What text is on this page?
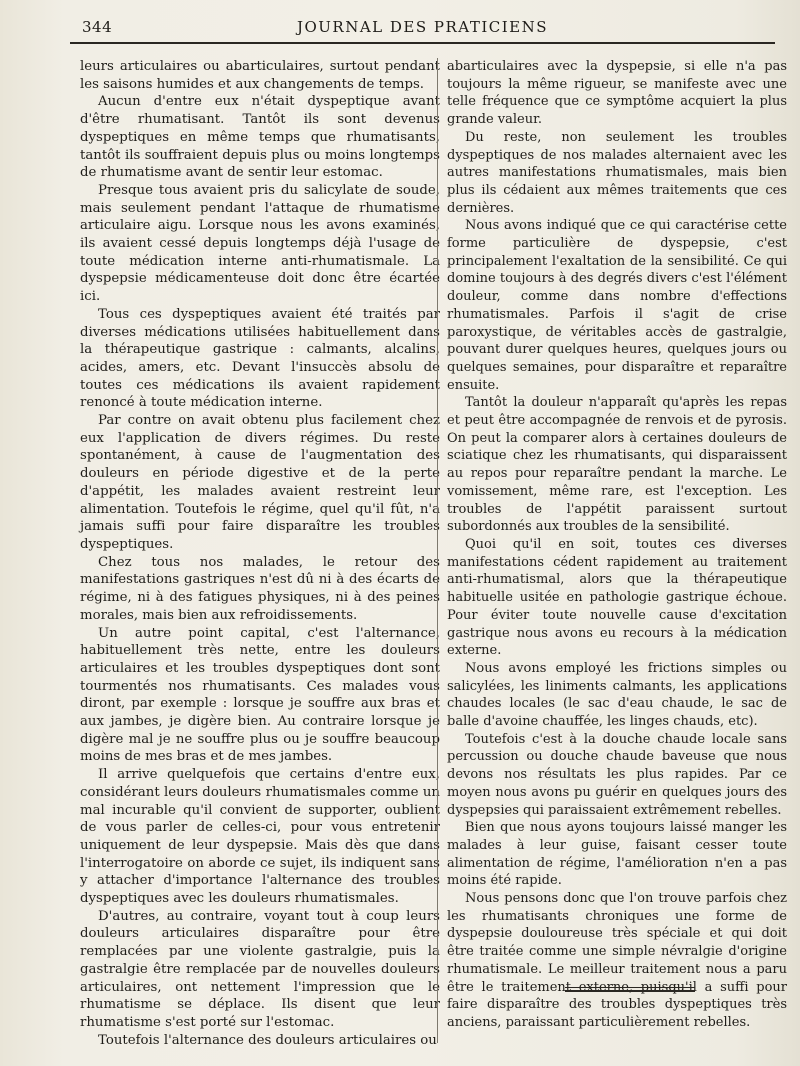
344	JOURNAL DES PRATICIENS

leurs articulaires ou abarticulaires, surtout pendant les saisons humides et aux changements de temps.

Aucun d'entre eux n'était dyspeptique avant d'être rhumatisant. Tantôt ils sont devenus dyspeptiques en même temps que rhumatisants, tantôt ils souffraient depuis plus ou moins longtemps de rhumatisme avant de sentir leur estomac.

Presque tous avaient pris du salicylate de soude, mais seulement pendant l'attaque de rhumatisme articulaire aigu. Lorsque nous les avons examinés, ils avaient cessé depuis longtemps déjà l'usage de toute médication interne anti-rhumatismale. La dyspepsie médicamenteuse doit donc être écartée ici.

Tous ces dyspeptiques avaient été traités par diverses médications utilisées habituellement dans la thérapeutique gastrique : calmants, alcalins, acides, amers, etc. Devant l'insuccès absolu de toutes ces médications ils avaient rapidement renoncé à toute médication interne.

Par contre on avait obtenu plus facilement chez eux l'application de divers régimes. Du reste spontanément, à cause de l'augmentation des douleurs en période digestive et de la perte d'appétit, les malades avaient restreint leur alimentation. Toutefois le régime, quel qu'il fût, n'a jamais suffi pour faire disparaître les troubles dyspeptiques.

Chez tous nos malades, le retour des manifestations gastriques n'est dû ni à des écarts de régime, ni à des fatigues physiques, ni à des peines morales, mais bien aux refroidissements.

Un autre point capital, c'est l'alternance, habituellement très nette, entre les douleurs articulaires et les troubles dyspeptiques dont sont tourmentés nos rhumatisants. Ces malades vous diront, par exemple : lorsque je souffre aux bras et aux jambes, je digère bien. Au contraire lorsque je digère mal je ne souffre plus ou je souffre beaucoup moins de mes bras et de mes jambes.

Il arrive quelquefois que certains d'entre eux, considérant leurs douleurs rhumatismales comme un mal incurable qu'il convient de supporter, oublient de vous parler de celles-ci, pour vous entretenir uniquement de leur dyspepsie. Mais dès que dans l'interrogatoire on aborde ce sujet, ils indiquent sans y attacher d'importance l'alternance des troubles dyspeptiques avec les douleurs rhumatismales.

D'autres, au contraire, voyant tout à coup leurs douleurs articulaires disparaître pour être remplacées par une violente gastralgie, puis la gastralgie être remplacée par de nouvelles douleurs articulaires, ont nettement l'impression que le rhumatisme se déplace. Ils disent que leur rhumatisme s'est porté sur l'estomac.

Toutefois l'alternance des douleurs articulaires ou

abarticulaires avec la dyspepsie, si elle n'a pas toujours la même rigueur, se manifeste avec une telle fréquence que ce symptôme acquiert la plus grande valeur.

Du reste, non seulement les troubles dyspeptiques de nos malades alternaient avec les autres manifestations rhumatismales, mais bien plus ils cédaient aux mêmes traitements que ces dernières.

Nous avons indiqué que ce qui caractérise cette forme particulière de dyspepsie, c'est principalement l'exaltation de la sensibilité. Ce qui domine toujours à des degrés divers c'est l'élément douleur, comme dans nombre d'effections rhumatismales. Parfois il s'agit de crise paroxystique, de véritables accès de gastralgie, pouvant durer quelques heures, quelques jours ou quelques semaines, pour disparaître et reparaître ensuite.

Tantôt la douleur n'apparaît qu'après les repas et peut être accompagnée de renvois et de pyrosis. On peut la comparer alors à certaines douleurs de sciatique chez les rhumatisants, qui disparaissent au repos pour reparaître pendant la marche. Le vomissement, même rare, est l'exception. Les troubles de l'appétit paraissent surtout subordonnés aux troubles de la sensibilité.

Quoi qu'il en soit, toutes ces diverses manifestations cédent rapidement au traitement anti-rhumatismal, alors que la thérapeutique habituelle usitée en pathologie gastrique échoue. Pour éviter toute nouvelle cause d'excitation gastrique nous avons eu recours à la médication externe.

Nous avons employé les frictions simples ou salicylées, les liniments calmants, les applications chaudes locales (le sac d'eau chaude, le sac de balle d'avoine chauffée, les linges chauds, etc).

Toutefois c'est à la douche chaude locale sans percussion ou douche chaude baveuse que nous devons nos résultats les plus rapides. Par ce moyen nous avons pu guérir en quelques jours des dyspepsies qui paraissaient extrêmement rebelles.

Bien que nous ayons toujours laissé manger les malades à leur guise, faisant cesser toute alimentation de régime, l'amélioration n'en a pas moins été rapide.

Nous pensons donc que l'on trouve parfois chez les rhumatisants chroniques une forme de dyspepsie douloureuse très spéciale et qui doit être traitée comme une simple névralgie d'origine rhumatismale. Le meilleur traitement nous a paru être le traitement externe, puisqu'il a suffi pour faire disparaître des troubles dyspeptiques très anciens, paraissant particulièrement rebelles.
